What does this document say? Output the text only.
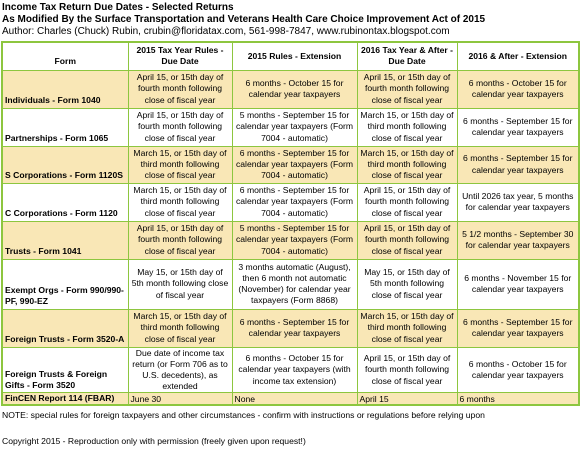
Income Tax Return Due Dates - Selected Returns
As Modified By the Surface Transportation and Veterans Health Care Choice Improvement Act of 2015
Author: Charles (Chuck) Rubin, crubin@floridatax.com, 561-998-7847, www.rubinontax.blogspot.com
Form	2015 Tax Year Rules - Due Date	2015 Rules - Extension	2016 Tax Year & After - Due Date	2016 & After - Extension
Individuals - Form 1040	April 15, or 15th day of fourth month following close of fiscal year	6 months - October 15 for calendar year taxpayers	April 15, or 15th day of fourth month following close of fiscal year	6 months - October 15 for calendar year taxpayers
Partnerships - Form 1065	April 15, or 15th day of fourth month following close of fiscal year	5 months - September 15 for calendar year taxpayers (Form 7004 - automatic)	March 15, or 15th day of third month following close of fiscal year	6 months - September 15 for calendar year taxpayers
S Corporations - Form 1120S	March 15, or 15th day of third month following close of fiscal year	6 months - September 15 for calendar year taxpayers (Form 7004 - automatic)	March 15, or 15th day of third month following close of fiscal year	6 months - September 15 for calendar year taxpayers
C Corporations - Form 1120	March 15, or 15th day of third month following close of fiscal year	6 months - September 15 for calendar year taxpayers (Form 7004 - automatic)	April 15, or 15th day of fourth month following close of fiscal year	Until 2026 tax year, 5 months for calendar year taxpayers
Trusts - Form 1041	April 15, or 15th day of fourth month following close of fiscal year	5 months - September 15 for calendar year taxpayers (Form 7004 - automatic)	April 15, or 15th day of fourth month following close of fiscal year	5 1/2 months - September 30 for calendar year taxpayers
Exempt Orgs - Form 990/990-PF, 990-EZ	May 15, or 15th day of 5th month following close of fiscal year	3 months automatic (August), then 6 month not automatic (November) for calendar year taxpayers (Form 8868)	May 15, or 15th day of 5th month following close of fiscal year	6 months - November 15 for calendar year taxpayers
Foreign Trusts - Form 3520-A	March 15, or 15th day of third month following close of fiscal year	6 months - September 15 for calendar year taxpayers	March 15, or 15th day of third month following close of fiscal year	6 months - September 15 for calendar year taxpayers
Foreign Trusts & Foreign Gifts - Form 3520	Due date of income tax return (or Form 706 as to U.S. decedents), as extended	6 months - October 15 for calendar year taxpayers (with income tax extension)	April 15, or 15th day of fourth month following close of fiscal year	6 months - October 15 for calendar year taxpayers
FinCEN Report 114 (FBAR)	June 30	None	April 15	6 months
NOTE: special rules for foreign taxpayers and other circumstances - confirm with instructions or regulations before relying upon
Copyright 2015 - Reproduction only with permission (freely given upon request!)
